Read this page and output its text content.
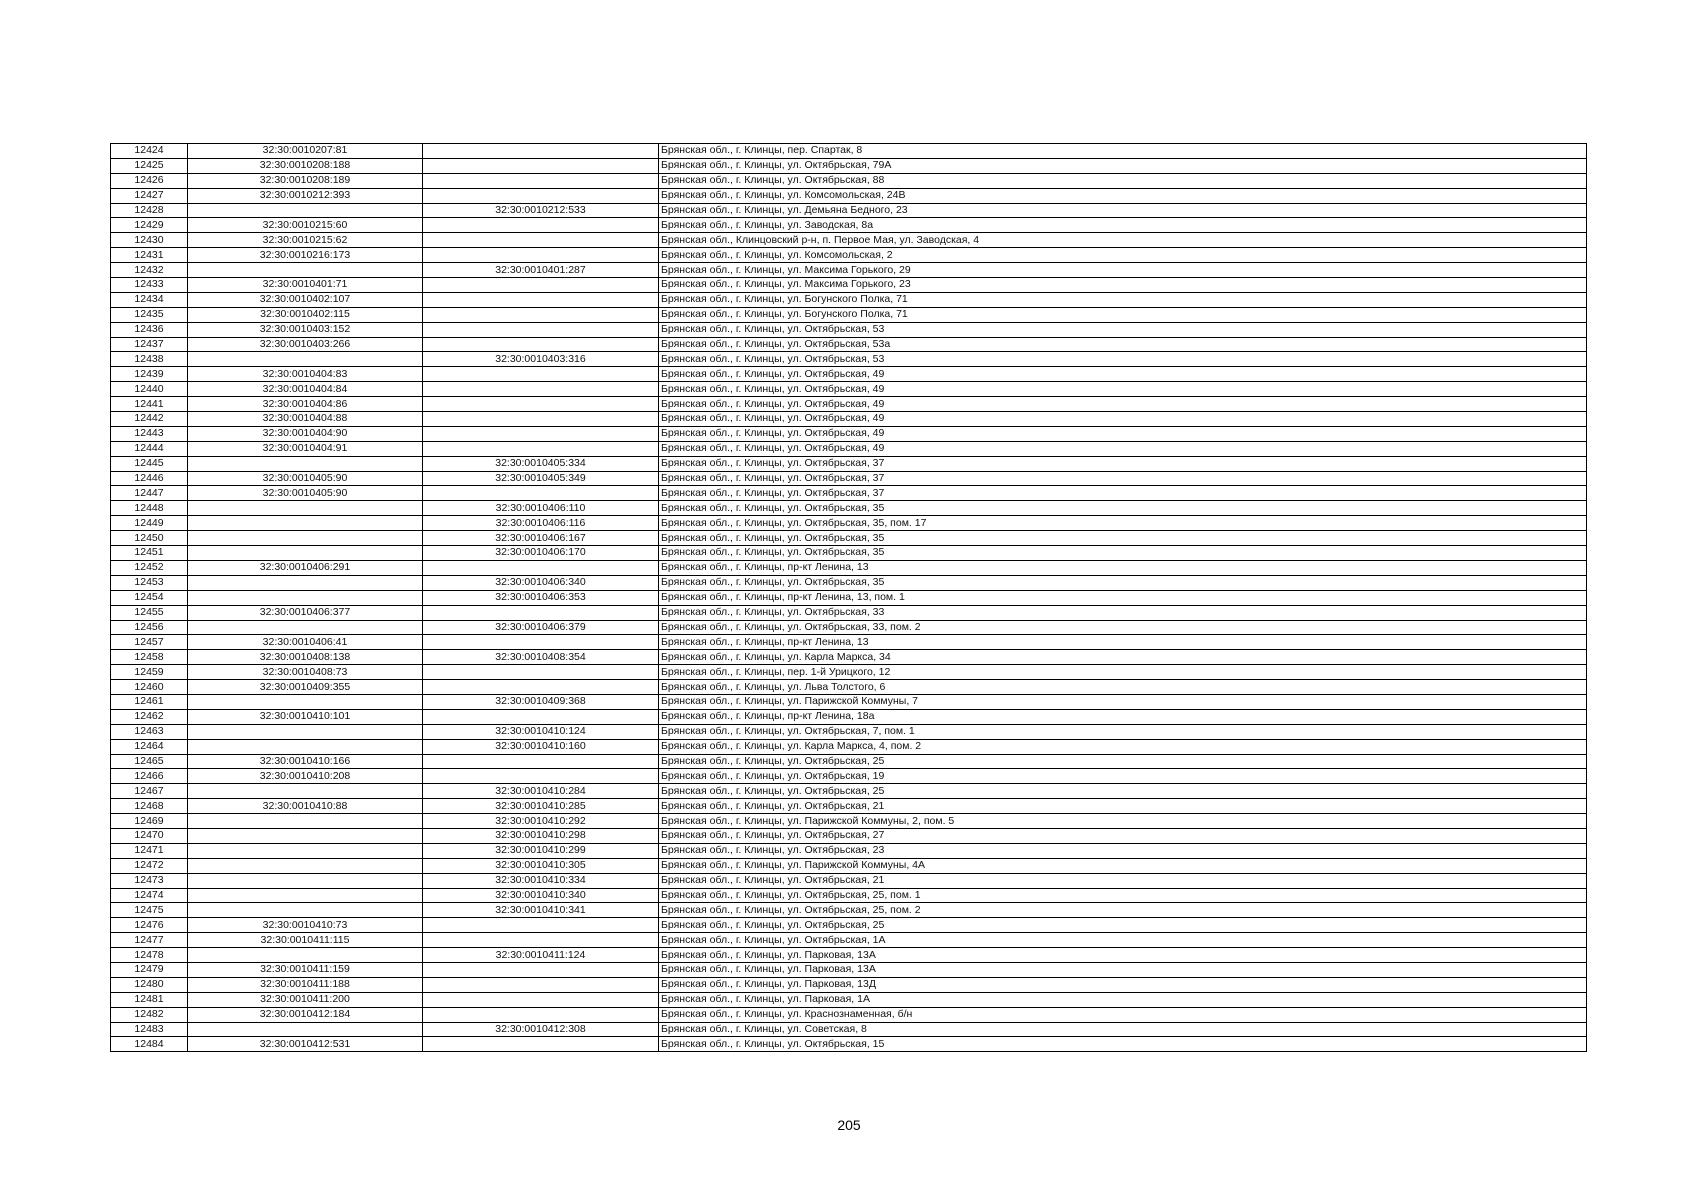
12424	32:30:0010207:81		Брянская обл., г. Клинцы, пер. Спартак, 8
12425	32:30:0010208:188		Брянская обл., г. Клинцы, ул. Октябрьская, 79А
12426	32:30:0010208:189		Брянская обл., г. Клинцы, ул. Октябрьская, 88
12427	32:30:0010212:393		Брянская обл., г. Клинцы, ул. Комсомольская, 24В
12428		32:30:0010212:533	Брянская обл., г. Клинцы, ул. Демьяна Бедного, 23
12429	32:30:0010215:60		Брянская обл., г. Клинцы, ул. Заводская, 8а
12430	32:30:0010215:62		Брянская обл., Клинцовский р-н, п. Первое Мая, ул. Заводская, 4
12431	32:30:0010216:173		Брянская обл., г. Клинцы, ул. Комсомольская, 2
12432		32:30:0010401:287	Брянская обл., г. Клинцы, ул. Максима Горького, 29
12433	32:30:0010401:71		Брянская обл., г. Клинцы, ул. Максима Горького, 23
12434	32:30:0010402:107		Брянская обл., г. Клинцы, ул. Богунского Полка, 71
12435	32:30:0010402:115		Брянская обл., г. Клинцы, ул. Богунского Полка, 71
12436	32:30:0010403:152		Брянская обл., г. Клинцы, ул. Октябрьская, 53
12437	32:30:0010403:266		Брянская обл., г. Клинцы, ул. Октябрьская, 53а
12438		32:30:0010403:316	Брянская обл., г. Клинцы, ул. Октябрьская, 53
12439	32:30:0010404:83		Брянская обл., г. Клинцы, ул. Октябрьская, 49
12440	32:30:0010404:84		Брянская обл., г. Клинцы, ул. Октябрьская, 49
12441	32:30:0010404:86		Брянская обл., г. Клинцы, ул. Октябрьская, 49
12442	32:30:0010404:88		Брянская обл., г. Клинцы, ул. Октябрьская, 49
12443	32:30:0010404:90		Брянская обл., г. Клинцы, ул. Октябрьская, 49
12444	32:30:0010404:91		Брянская обл., г. Клинцы, ул. Октябрьская, 49
12445		32:30:0010405:334	Брянская обл., г. Клинцы, ул. Октябрьская, 37
12446	32:30:0010405:90	32:30:0010405:349	Брянская обл., г. Клинцы, ул. Октябрьская, 37
12447	32:30:0010405:90		Брянская обл., г. Клинцы, ул. Октябрьская, 37
12448		32:30:0010406:110	Брянская обл., г. Клинцы, ул. Октябрьская, 35
12449		32:30:0010406:116	Брянская обл., г. Клинцы, ул. Октябрьская, 35, пом. 17
12450		32:30:0010406:167	Брянская обл., г. Клинцы, ул. Октябрьская, 35
12451		32:30:0010406:170	Брянская обл., г. Клинцы, ул. Октябрьская, 35
12452	32:30:0010406:291		Брянская обл., г. Клинцы, пр-кт Ленина, 13
12453		32:30:0010406:340	Брянская обл., г. Клинцы, ул. Октябрьская, 35
12454		32:30:0010406:353	Брянская обл., г. Клинцы, пр-кт Ленина, 13, пом. 1
12455	32:30:0010406:377		Брянская обл., г. Клинцы, ул. Октябрьская, 33
12456		32:30:0010406:379	Брянская обл., г. Клинцы, ул. Октябрьская, 33, пом. 2
12457	32:30:0010406:41		Брянская обл., г. Клинцы, пр-кт Ленина, 13
12458	32:30:0010408:138	32:30:0010408:354	Брянская обл., г. Клинцы, ул. Карла Маркса, 34
12459	32:30:0010408:73		Брянская обл., г. Клинцы, пер. 1-й Урицкого, 12
12460	32:30:0010409:355		Брянская обл., г. Клинцы, ул. Льва Толстого, 6
12461		32:30:0010409:368	Брянская обл., г. Клинцы, ул. Парижской Коммуны, 7
12462	32:30:0010410:101		Брянская обл., г. Клинцы, пр-кт Ленина, 18а
12463		32:30:0010410:124	Брянская обл., г. Клинцы, ул. Октябрьская, 7, пом. 1
12464		32:30:0010410:160	Брянская обл., г. Клинцы, ул. Карла Маркса, 4, пом. 2
12465	32:30:0010410:166		Брянская обл., г. Клинцы, ул. Октябрьская, 25
12466	32:30:0010410:208		Брянская обл., г. Клинцы, ул. Октябрьская, 19
12467		32:30:0010410:284	Брянская обл., г. Клинцы, ул. Октябрьская, 25
12468	32:30:0010410:88	32:30:0010410:285	Брянская обл., г. Клинцы, ул. Октябрьская, 21
12469		32:30:0010410:292	Брянская обл., г. Клинцы, ул. Парижской Коммуны, 2, пом. 5
12470		32:30:0010410:298	Брянская обл., г. Клинцы, ул. Октябрьская, 27
12471		32:30:0010410:299	Брянская обл., г. Клинцы, ул. Октябрьская, 23
12472		32:30:0010410:305	Брянская обл., г. Клинцы, ул. Парижской Коммуны, 4А
12473		32:30:0010410:334	Брянская обл., г. Клинцы, ул. Октябрьская, 21
12474		32:30:0010410:340	Брянская обл., г. Клинцы, ул. Октябрьская, 25, пом. 1
12475		32:30:0010410:341	Брянская обл., г. Клинцы, ул. Октябрьская, 25, пом. 2
12476	32:30:0010410:73		Брянская обл., г. Клинцы, ул. Октябрьская, 25
12477	32:30:0010411:115		Брянская обл., г. Клинцы, ул. Октябрьская, 1А
12478		32:30:0010411:124	Брянская обл., г. Клинцы, ул. Парковая, 13А
12479	32:30:0010411:159		Брянская обл., г. Клинцы, ул. Парковая, 13А
12480	32:30:0010411:188		Брянская обл., г. Клинцы, ул. Парковая, 13Д
12481	32:30:0010411:200		Брянская обл., г. Клинцы, ул. Парковая, 1А
12482	32:30:0010412:184		Брянская обл., г. Клинцы, ул. Краснознаменная, б/н
12483		32:30:0010412:308	Брянская обл., г. Клинцы, ул. Советская, 8
12484	32:30:0010412:531		Брянская обл., г. Клинцы, ул. Октябрьская, 15
205
